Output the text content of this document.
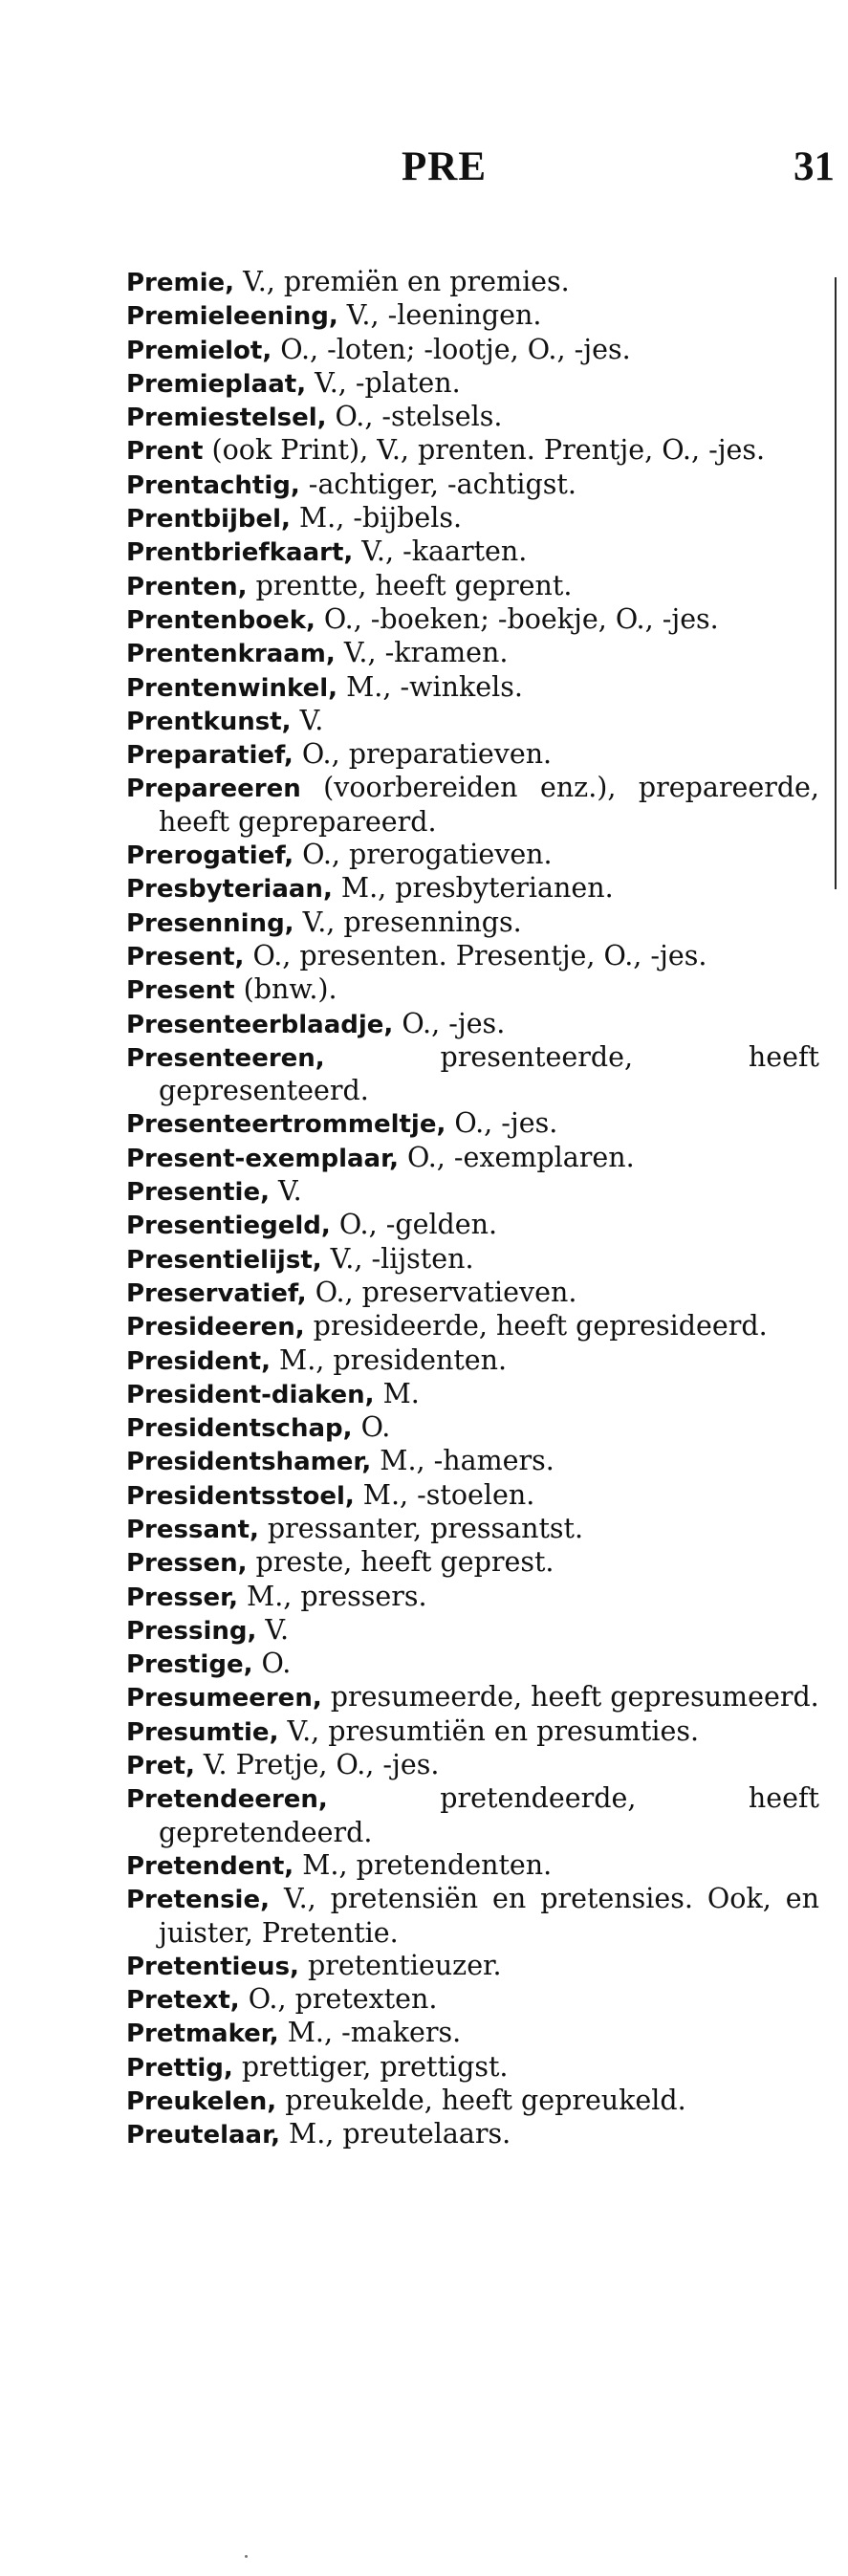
PRE	31
Premie, V., premiën en premies.
Premieleening, V., -leeningen.
Premielot, O., -loten; -lootje, O., -jes.
Premieplaat, V., -platen.
Premiestelsel, O., -stelsels.
Prent (ook Print), V., prenten. Prentje, O., -jes.
Prentachtig, -achtiger, -achtigst.
Prentbijbel, M., -bijbels.
Prentbriefkaart, V., -kaarten.
Prenten, prentte, heeft geprent.
Prentenboek, O., -boeken; -boekje, O., -jes.
Prentenkraam, V., -kramen.
Prentenwinkel, M., -winkels.
Prentkunst, V.
Preparatief, O., preparatieven.
Prepareeren (voorbereiden enz.), prepareerde, heeft geprepareerd.
Prerogatief, O., prerogatieven.
Presbyteriaan, M., presbyterianen.
Presenning, V., presennings.
Present, O., presenten. Presentje, O., -jes.
Present (bnw.).
Presenteerblaadje, O., -jes.
Presenteeren, presenteerde, heeft gepresenteerd.
Presenteertrommeltje, O., -jes.
Present-exemplaar, O., -exemplaren.
Presentie, V.
Presentiegeld, O., -gelden.
Presentielijst, V., -lijsten.
Preservatief, O., preservatieven.
Presideeren, presideerde, heeft gepresideerd.
President, M., presidenten.
President-diaken, M.
Presidentschap, O.
Presidentshamer, M., -hamers.
Presidentsstoel, M., -stoelen.
Pressant, pressanter, pressantst.
Pressen, preste, heeft geprest.
Presser, M., pressers.
Pressing, V.
Prestige, O.
Presumeeren, presumeerde, heeft gepresumeerd.
Presumtie, V., presumtiën en presumties.
Pret, V. Pretje, O., -jes.
Pretendeeren, pretendeerde, heeft gepretendeerd.
Pretendent, M., pretendenten.
Pretensie, V., pretensiën en pretensies. Ook, en juister, Pretentie.
Pretentieus, pretentieuzer.
Pretext, O., pretexten.
Pretmaker, M., -makers.
Prettig, prettiger, prettigst.
Preukelen, preukelde, heeft gepreukeld.
Preutelaar, M., preutelaars.
